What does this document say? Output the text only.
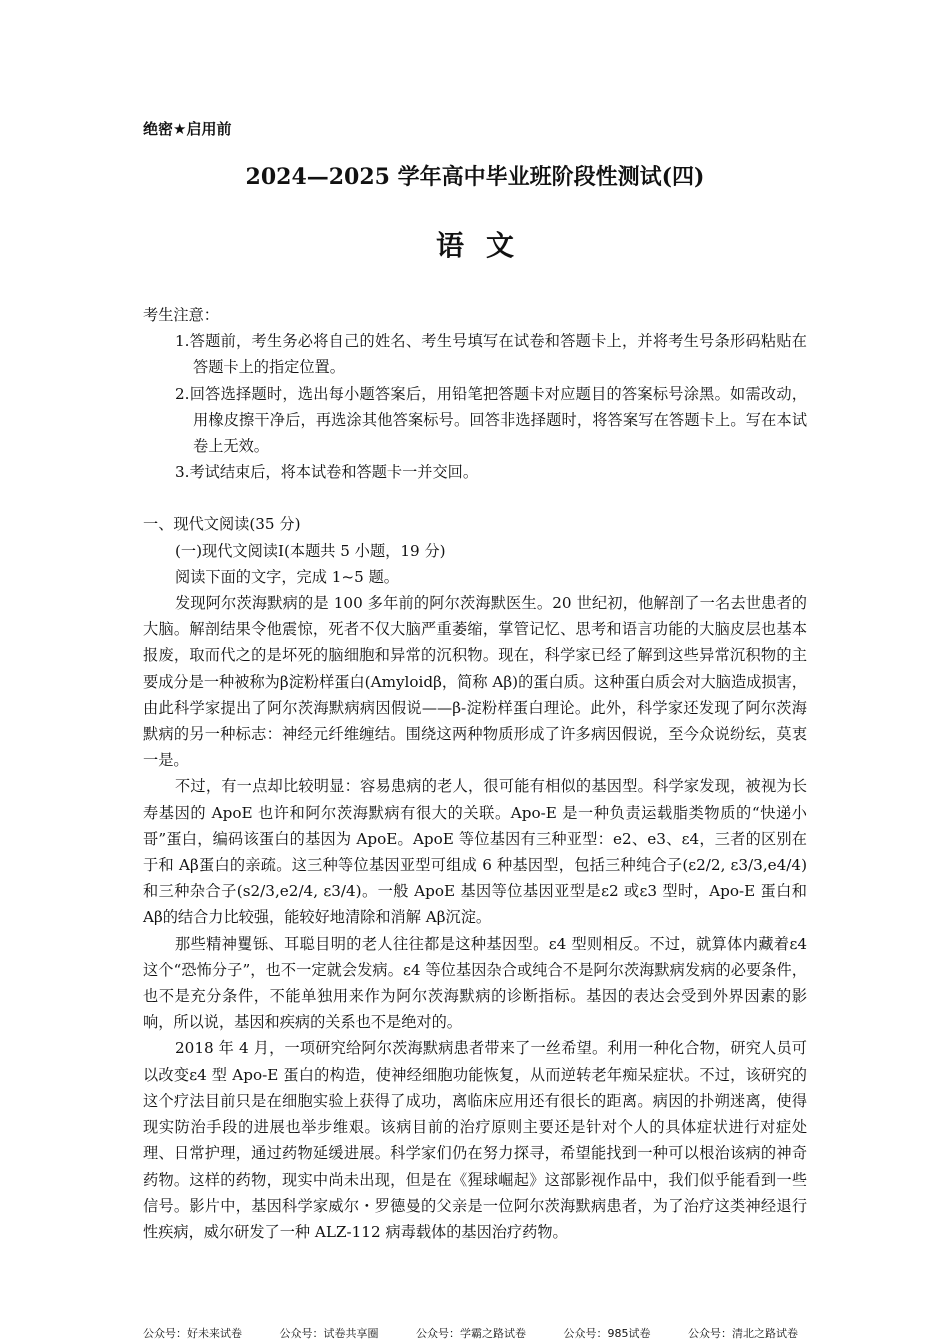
绝密★启用前
2024—2025 学年高中毕业班阶段性测试(四)
语文

考生注意：

1.答题前，考生务必将自己的姓名、考生号填写在试卷和答题卡上，并将考生号条形码粘贴在答题卡上的指定位置。

2.回答选择题时，选出每小题答案后，用铅笔把答题卡对应题目的答案标号涂黑。如需改动，用橡皮擦干净后，再选涂其他答案标号。回答非选择题时，将答案写在答题卡上。写在本试卷上无效。

3.考试结束后，将本试卷和答题卡一并交回。

一、现代文阅读(35 分)

(一)现代文阅读Ⅰ(本题共 5 小题，19 分)

阅读下面的文字，完成 1~5 题。

发现阿尔茨海默病的是 100 多年前的阿尔茨海默医生。20 世纪初，他解剖了一名去世患者的大脑。解剖结果令他震惊，死者不仅大脑严重萎缩，掌管记忆、思考和语言功能的大脑皮层也基本报废，取而代之的是坏死的脑细胞和异常的沉积物。现在，科学家已经了解到这些异常沉积物的主要成分是一种被称为β淀粉样蛋白(Amyloidβ，简称 Aβ)的蛋白质。这种蛋白质会对大脑造成损害，由此科学家提出了阿尔茨海默病病因假说——β-淀粉样蛋白理论。此外，科学家还发现了阿尔茨海默病的另一种标志：神经元纤维缠结。围绕这两种物质形成了许多病因假说，至今众说纷纭，莫衷一是。

不过，有一点却比较明显：容易患病的老人，很可能有相似的基因型。科学家发现，被视为长寿基因的 ApoE 也许和阿尔茨海默病有很大的关联。Apo-E 是一种负责运载脂类物质的“快递小哥”蛋白，编码该蛋白的基因为 ApoE。ApoE 等位基因有三种亚型：e2、e3、ε4，三者的区别在于和 Aβ蛋白的亲疏。这三种等位基因亚型可组成 6 种基因型，包括三种纯合子(ε2/2, ε3/3,e4/4)和三种杂合子(s2/3,e2/4, ε3/4)。一般 ApoE 基因等位基因亚型是ε2 或ε3 型时，Apo-E 蛋白和 Aβ的结合力比较强，能较好地清除和消解 Aβ沉淀。

那些精神矍铄、耳聪目明的老人往往都是这种基因型。ε4 型则相反。不过，就算体内藏着ε4 这个“恐怖分子”，也不一定就会发病。ε4 等位基因杂合或纯合不是阿尔茨海默病发病的必要条件，也不是充分条件，不能单独用来作为阿尔茨海默病的诊断指标。基因的表达会受到外界因素的影响，所以说，基因和疾病的关系也不是绝对的。

2018 年 4 月，一项研究给阿尔茨海默病患者带来了一丝希望。利用一种化合物，研究人员可以改变ε4 型 Apo-E 蛋白的构造，使神经细胞功能恢复，从而逆转老年痴呆症状。不过，该研究的这个疗法目前只是在细胞实验上获得了成功，离临床应用还有很长的距离。病因的扑朔迷离，使得现实防治手段的进展也举步维艰。该病目前的治疗原则主要还是针对个人的具体症状进行对症处理、日常护理，通过药物延缓进展。科学家们仍在努力探寻，希望能找到一种可以根治该病的神奇药物。这样的药物，现实中尚未出现，但是在《猩球崛起》这部影视作品中，我们似乎能看到一些信号。影片中，基因科学家威尔・罗德曼的父亲是一位阿尔茨海默病患者，为了治疗这类神经退行性疾病，威尔研发了一种 ALZ-112 病毒载体的基因治疗药物。

公众号：好未来试卷	公众号：试卷共享圈	公众号：学霸之路试卷	公众号：985试卷	公众号：清北之路试卷
